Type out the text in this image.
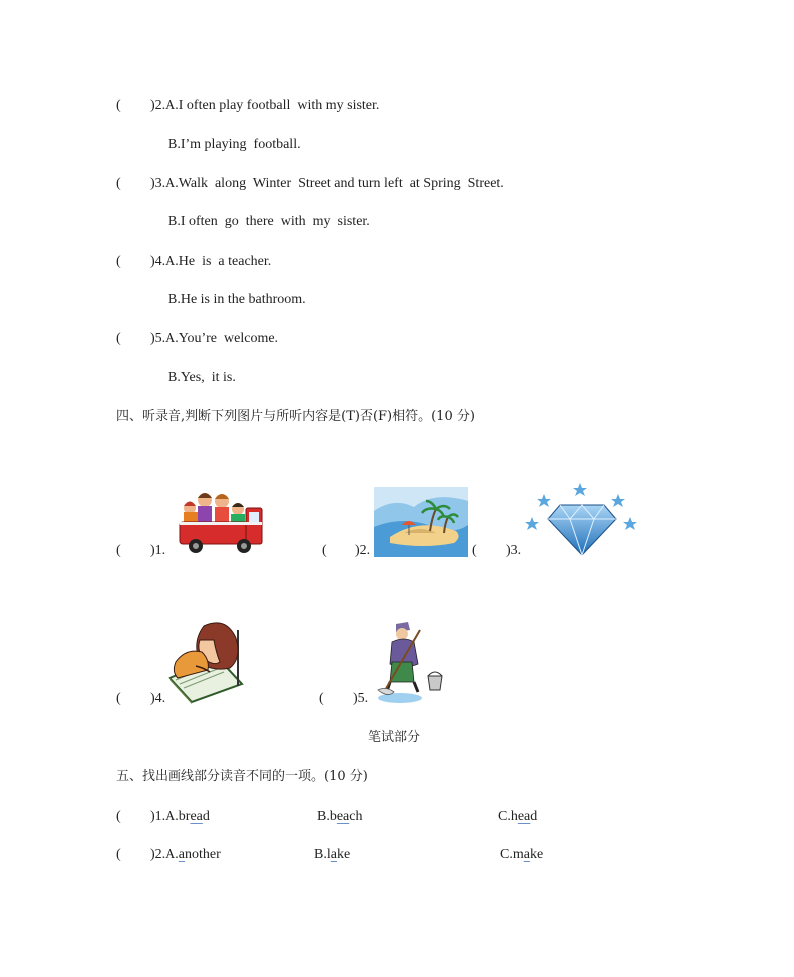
( )2.A.I often play football  with my sister.
B.I’m playing  football.
( )3.A.Walk  along  Winter  Street and turn left  at Spring  Street.
B.I often  go  there  with  my  sister.
( )4.A.He  is  a teacher.
B.He is in the bathroom.
( )5.A.You’re  welcome.
B.Yes,  it is.
四、听录音,判断下列图片与所听内容是(T)否(F)相符。(10 分)
( )1.	( )2.	( )3.
( )4.	( )5.
笔试部分
五、找出画线部分读音不同的一项。(10 分)
( )1.A.bread	B.beach	C.head
( )2.A.another	B.lake	C.make
